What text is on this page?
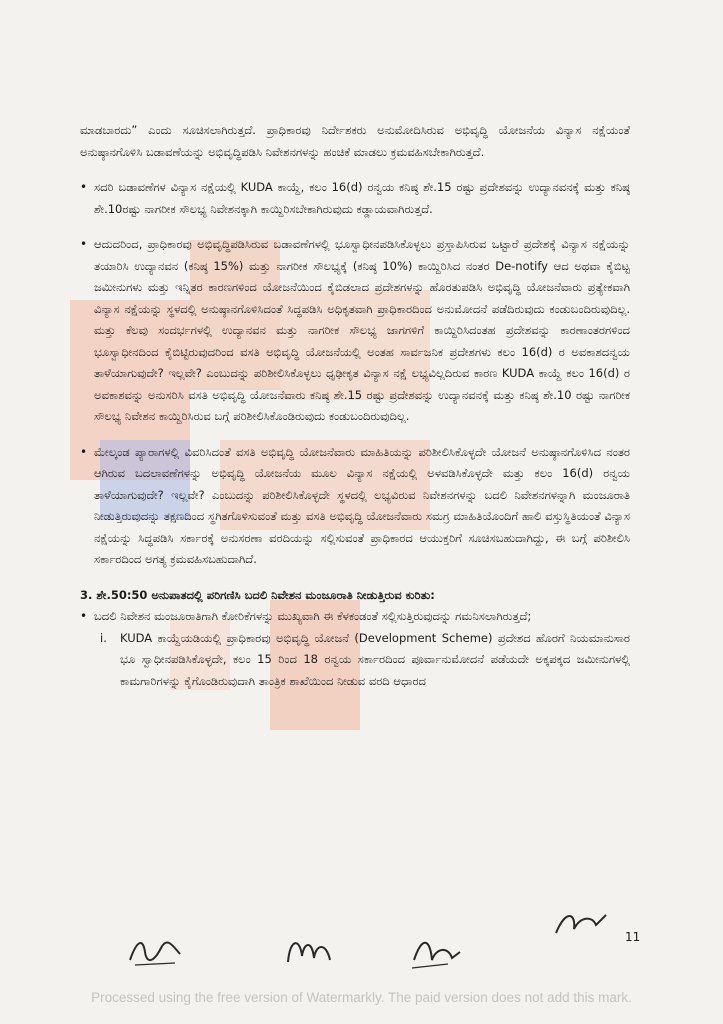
ಮಾಡಬಾರದು” ಎಂದು ಸೂಚಿಸಲಾಗಿರುತ್ತದೆ. ಪ್ರಾಧಿಕಾರವು ನಿರ್ದೇಶಕರು ಅನುಮೋದಿಸಿರುವ ಅಭಿವೃದ್ಧಿ ಯೋಜನೆಯ ವಿನ್ಯಾಸ ನಕ್ಷೆಯಂತೆ ಅನುಷ್ಠಾನಗೊಳಿಸಿ ಬಡಾವಣೆಯನ್ನು ಅಭಿವೃದ್ಧಿಪಡಿಸಿ ನಿವೇಶನಗಳನ್ನು ಹಂಚಿಕೆ ಮಾಡಲು ಕ್ರಮವಹಿಸಬೇಕಾಗಿರುತ್ತದೆ.

• ಸದರಿ ಬಡಾವಣೆಗಳ ವಿನ್ಯಾಸ ನಕ್ಷೆಯಲ್ಲಿ KUDA ಕಾಯ್ದೆ, ಕಲಂ 16(d) ರನ್ವಯ ಕನಿಷ್ಠ ಶೇ.15 ರಷ್ಟು ಪ್ರದೇಶವನ್ನು ಉದ್ಯಾನವನಕ್ಕೆ ಮತ್ತು ಕನಿಷ್ಠ ಶೇ.10ರಷ್ಟು ನಾಗರೀಕ ಸೌಲಭ್ಯ ನಿವೇಶನಕ್ಕಾಗಿ ಕಾಯ್ದಿರಿಸಬೇಕಾಗಿರುವುದು ಕಡ್ಡಾಯವಾಗಿರುತ್ತದೆ.

• ಆದುದರಿಂದ, ಪ್ರಾಧಿಕಾರವು ಅಭಿವೃದ್ಧಿಪಡಿಸಿರುವ ಬಡಾವಣೆಗಳಲ್ಲಿ ಭೂಸ್ವಾಧೀನಪಡಿಸಿಕೊಳ್ಳಲು ಪ್ರಸ್ತಾಪಿಸಿರುವ ಒಟ್ಟಾರೆ ಪ್ರದೇಶಕ್ಕೆ ವಿನ್ಯಾಸ ನಕ್ಷೆಯನ್ನು ತಯಾರಿಸಿ ಉದ್ಯಾನವನ (ಕನಿಷ್ಠ 15%) ಮತ್ತು ನಾಗರೀಕ ಸೌಲಭ್ಯಕ್ಕೆ (ಕನಿಷ್ಠ 10%) ಕಾಯ್ದಿರಿಸಿದ ನಂತರ De-notify ಆದ ಅಥವಾ ಕೈಬಿಟ್ಟ ಜಮೀನುಗಳು ಮತ್ತು ಇನ್ನಿತರ ಕಾರಣಗಳಿಂದ ಯೋಜನೆಯಿಂದ ಕೈಬಿಡಲಾದ ಪ್ರದೇಶಗಳನ್ನು ಹೊರತುಪಡಿಸಿ ಅಭಿವೃದ್ಧಿ ಯೋಜನೆವಾರು ಪ್ರತ್ಯೇಕವಾಗಿ ವಿನ್ಯಾಸ ನಕ್ಷೆಯನ್ನು ಸ್ಥಳದಲ್ಲಿ ಅನುಷ್ಠಾನಗೊಳಿಸಿದಂತೆ ಸಿದ್ಧಪಡಿಸಿ ಅಧಿಕೃತವಾಗಿ ಪ್ರಾಧಿಕಾರದಿಂದ ಅನುಮೋದನೆ ಪಡೆದಿರುವುದು ಕಂಡುಬಂದಿರುವುದಿಲ್ಲ. ಮತ್ತು ಕೆಲವು ಸಂದರ್ಭಗಳಲ್ಲಿ ಉದ್ಯಾನವನ ಮತ್ತು ನಾಗರೀಕ ಸೌಲಭ್ಯ ಜಾಗಗಳಿಗೆ ಕಾಯ್ದಿರಿಸಿದಂತಹ ಪ್ರದೇಶವನ್ನು ಕಾರಣಾಂತರಗಳಿಂದ ಭೂಸ್ವಾಧೀನದಿಂದ ಕೈಬಿಟ್ಟಿರುವುದರಿಂದ ವಸತಿ ಅಭಿವೃದ್ಧಿ ಯೋಜನೆಯಲ್ಲಿ ಅಂತಹ ಸಾರ್ವಜನಿಕ ಪ್ರದೇಶಗಳು ಕಲಂ 16(d) ರ ಅವಕಾಶದನ್ವಯ ತಾಳೆಯಾಗುವುದೇ? ಇಲ್ಲವೇ? ಎಂಬುದನ್ನು ಪರಿಶೀಲಿಸಿಕೊಳ್ಳಲು ಧೃಢೀಕೃತ ವಿನ್ಯಾಸ ನಕ್ಷೆ ಲಭ್ಯವಿಲ್ಲದಿರುವ ಕಾರಣ KUDA ಕಾಯ್ದೆ ಕಲಂ 16(d) ರ ಅವಕಾಶವನ್ನು ಅನುಸರಿಸಿ ವಸತಿ ಅಭಿವೃದ್ಧಿ ಯೋಜನೆವಾರು ಕನಿಷ್ಠ ಶೇ.15 ರಷ್ಟು ಪ್ರದೇಶವನ್ನು ಉದ್ಯಾನವನಕ್ಕೆ ಮತ್ತು ಕನಿಷ್ಠ ಶೇ.10 ರಷ್ಟು ನಾಗರೀಕ ಸೌಲಭ್ಯ ನಿವೇಶನ ಕಾಯ್ದಿರಿಸಿರುವ ಬಗ್ಗೆ ಪರಿಶೀಲಿಸಿಕೊಂಡಿರುವುದು ಕಂಡುಬಂದಿರುವುದಿಲ್ಲ.

• ಮೇಲ್ಕಂಡ ಪ್ಯಾರಾಗಳಲ್ಲಿ ವಿವರಿಸಿದಂತೆ ವಸತಿ ಅಭಿವೃದ್ಧಿ ಯೋಜನೆವಾರು ಮಾಹಿತಿಯನ್ನು ಪರಿಶೀಲಿಸಿಕೊಳ್ಳದೇ ಯೋಜನೆ ಅನುಷ್ಠಾನಗೊಳಿಸಿದ ನಂತರ ಆಗಿರುವ ಬದಲಾವಣೆಗಳನ್ನು ಅಭಿವೃದ್ಧಿ ಯೋಜನೆಯ ಮೂಲ ವಿನ್ಯಾಸ ನಕ್ಷೆಯಲ್ಲಿ ಅಳವಡಿಸಿಕೊಳ್ಳದೇ ಮತ್ತು ಕಲಂ 16(d) ರನ್ವಯ ತಾಳೆಯಾಗುವುದೇ? ಇಲ್ಲವೇ? ಎಂಬುದನ್ನು ಪರಿಶೀಲಿಸಿಕೊಳ್ಳದೇ ಸ್ಥಳದಲ್ಲಿ ಲಭ್ಯವಿರುವ ನಿವೇಶನಗಳನ್ನು ಬದಲಿ ನಿವೇಶನಗಳನ್ನಾಗಿ ಮಂಜೂರಾತಿ ನೀಡುತ್ತಿರುವುದನ್ನು ತಕ್ಷಣದಿಂದ ಸ್ಥಗಿತಗೊಳಿಸುವಂತೆ ಮತ್ತು ವಸತಿ ಅಭಿವೃದ್ಧಿ ಯೋಜನೆವಾರು ಸಮಗ್ರ ಮಾಹಿತಿಯೊಂದಿಗೆ ಹಾಲಿ ವಸ್ತುಸ್ಥಿತಿಯಂತೆ ವಿನ್ಯಾಸ ನಕ್ಷೆಯನ್ನು ಸಿದ್ಧಪಡಿಸಿ ಸರ್ಕಾರಕ್ಕೆ ಅನುಸರಣಾ ವರದಿಯನ್ನು ಸಲ್ಲಿಸುವಂತೆ ಪ್ರಾಧಿಕಾರದ ಆಯುಕ್ತರಿಗೆ ಸೂಚಿಸಬಹುದಾಗಿದ್ದು, ಈ ಬಗ್ಗೆ ಪರಿಶೀಲಿಸಿ ಸರ್ಕಾರದಿಂದ ಅಗತ್ಯ ಕ್ರಮವಹಿಸಬಹುದಾಗಿದೆ.

3. ಶೇ.50:50 ಅನುಪಾತದಲ್ಲಿ ಪರಿಗಣಿಸಿ ಬದಲಿ ನಿವೇಶನ ಮಂಜೂರಾತಿ ನೀಡುತ್ತಿರುವ ಕುರಿತು:

• ಬದಲಿ ನಿವೇಶನ ಮಂಜೂರಾತಿಗಾಗಿ ಕೋರಿಕೆಗಳನ್ನು ಮುಖ್ಯವಾಗಿ ಈ ಕೆಳಕಂಡಂತೆ ಸಲ್ಲಿಸುತ್ತಿರುವುದನ್ನು ಗಮನಿಸಲಾಗಿರುತ್ತದೆ;

i. KUDA ಕಾಯ್ದೆಯಡಿಯಲ್ಲಿ ಪ್ರಾಧಿಕಾರವು ಅಭಿವೃದ್ಧಿ ಯೋಜನೆ (Development Scheme) ಪ್ರದೇಶದ ಹೊರಗೆ ನಿಯಮಾನುಸಾರ ಭೂ ಸ್ವಾಧೀನಪಡಿಸಿಕೊಳ್ಳದೇ, ಕಲಂ 15 ರಿಂದ 18 ರನ್ವಯ ಸರ್ಕಾರದಿಂದ ಪೂರ್ವಾನುಮೋದನೆ ಪಡೆಯದೇ ಅಕ್ಕಪಕ್ಕದ ಜಮೀನುಗಳಲ್ಲಿ ಕಾಮಗಾರಿಗಳನ್ನು ಕೈಗೊಂಡಿರುವುದಾಗಿ ತಾಂತ್ರಿಕ ಶಾಖೆಯಿಂದ ನೀಡುವ ವರದಿ ಆಧಾರದ

11
Processed using the free version of Watermarkly. The paid version does not add this mark.
